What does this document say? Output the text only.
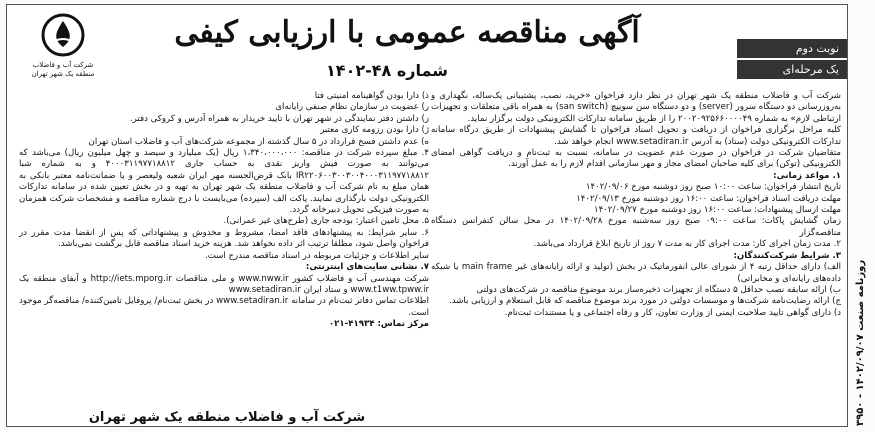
شرکت آب و فاضلاب منطقه یک شهر تهران
آگهی مناقصه عمومی با ارزیابی کیفی
شماره ۴۸-۱۴۰۲
نوبت دوم
یک مرحله‌ای
شرکت آب و فاضلاب منطقه یک شهر تهران در نظر دارد فراخوان «خرید، نصب، پشتیبانی یک‌ساله، نگهداری و به‌روزرسانی دو دستگاه سرور (server) و دو دستگاه سن سوییچ (san switch) به همراه باقی متعلقات و تجهیزات ارتباطی لازم» به شماره ۲۰۰۲۰۹۲۵۶۶۰۰۰۰۴۹ را از طریق سامانه تدارکات الکترونیکی دولت برگزار نماید.
کلیه مراحل برگزاری فراخوان از دریافت و تحویل اسناد فراخوان تا گشایش پیشنهادات از طریق درگاه سامانه تدارکات الکترونیکی دولت (ستاد) به آدرس www.setadiran.ir انجام خواهد شد.
متقاضیان شرکت در فراخوان در صورت عدم عضویت در سامانه، نسبت به ثبت‌نام و دریافت گواهی امضای الکترونیکی (توکن) برای کلیه صاحبان امضای مجاز و مهر سازمانی اقدام لازم را به عمل آورند.
۱. مواعد زمانی:
تاریخ انتشار فراخوان: ساعت ۱۰:۰۰ صبح روز دوشنبه مورخ ۱۴۰۲/۰۹/۰۶
مهلت دریافت اسناد فراخوان: ساعت ۱۶:۰۰ روز دوشنبه مورخ ۱۴۰۲/۰۹/۱۳
مهلت ارسال پیشنهادات: ساعت ۱۶:۰۰ روز دوشنبه مورخ ۱۴۰۲/۰۹/۲۷
زمان گشایش پاکات: ساعت ۰۹:۰۰ صبح روز سه‌شنبه مورخ ۱۴۰۲/۰۹/۲۸ در محل سالن کنفرانس دستگاه مناقصه‌گزار
۲. مدت زمان اجرای کار: مدت اجرای کار به مدت ۷ روز از تاریخ ابلاغ قرارداد می‌باشد.
۳. شرایط شرکت‌کنندگان:
الف) دارای حداقل رتبه ۴ از شورای عالی انفورماتیک در بخش (تولید و ارائه رایانه‌های غیر main frame یا شبکه داده‌های رایانه‌ای و مخابراتی)
ب) ارائه سابقه نصب حداقل ۵ دستگاه از تجهیزات ذخیره‌ساز برند موضوع مناقصه در شرکت‌های دولتی
ج) ارائه رضایت‌نامه شرکت‌ها و موسسات دولتی در مورد برند موضوع مناقصه که قابل استعلام و ارزیابی باشد.
د) دارای گواهی تایید صلاحیت ایمنی از وزارت تعاون، کار و رفاه اجتماعی و یا مستندات ثبت‌نام.
ذ) دارا بودن گواهینامه امنیتی فتا
ر) عضویت در سازمان نظام صنفی رایانه‌ای
ز) داشتن دفتر نمایندگی در شهر تهران با تایید خریدار به همراه آدرس و کروکی دفتر.
ژ) دارا بودن رزومه کاری معتبر
ه) عدم داشتن فسخ قرارداد در ۵ سال گذشته از مجموعه شرکت‌های آب و فاضلاب استان تهران
۴. مبلغ سپرده شرکت در مناقصه: ۱،۳۴۰،۰۰۰،۰۰۰ ریال (یک میلیارد و سیصد و چهل میلیون ریال) می‌باشد که می‌توانند به صورت فیش واریز نقدی به حساب جاری ۴۰۰۰۳۱۱۹۷۷۱۸۸۱۲ و به شماره شبا IR۲۲۰۶۰۰۳۰۰۳۰۰۴۰۰۰۳۱۱۹۷۷۱۸۸۱۲ بانک قرض‌الحسنه مهر ایران شعبه ولیعصر و یا ضمانت‌نامه معتبر بانکی به همان مبلغ به نام شرکت آب و فاضلاب منطقه یک شهر تهران به تهیه و در بخش تعیین شده در سامانه تدارکات الکترونیکی دولت بارگذاری نمایند. پاکت الف (سپرده) می‌بایست با درج شماره مناقصه و مشخصات شرکت همزمان به صورت فیزیکی تحویل دبیرخانه گردد.
۵. محل تامین اعتبار: بودجه جاری (طرح‌های غیر عمرانی).
۶. سایر شرایط: به پیشنهادهای فاقد امضا، مشروط و مخدوش و پیشنهاداتی که پس از انقضا مدت مقرر در فراخوان واصل شود، مطلقا ترتیب اثر داده نخواهد شد. هزینه خرید اسناد مناقصه قابل برگشت نمی‌باشد.
سایر اطلاعات و جزئیات مربوطه در اسناد مناقصه مندرج است.
۷. نشانی سایت‌های اینترنتی:
شرکت مهندسی آب و فاضلاب کشور www.nww.ir و ملی مناقصات http://iets.mporg.ir و آبفای منطقه یک www.t1ww.tpww.ir و ستاد ایران www.setadiran.ir
اطلاعات تماس دفاتر ثبت‌نام در سامانه www.setadiran.ir در بخش ثبت‌نام/ پروفایل تامین‌کننده/ مناقصه‌گر موجود است.
مرکز تماس: ۴۱۹۳۴-۰۲۱
شرکت آب و فاضلاب منطقه یک شهر تهران	روزنامه صنعت ۱۴۰۲/۰۹/۰۷ - ۳۹۵۰
